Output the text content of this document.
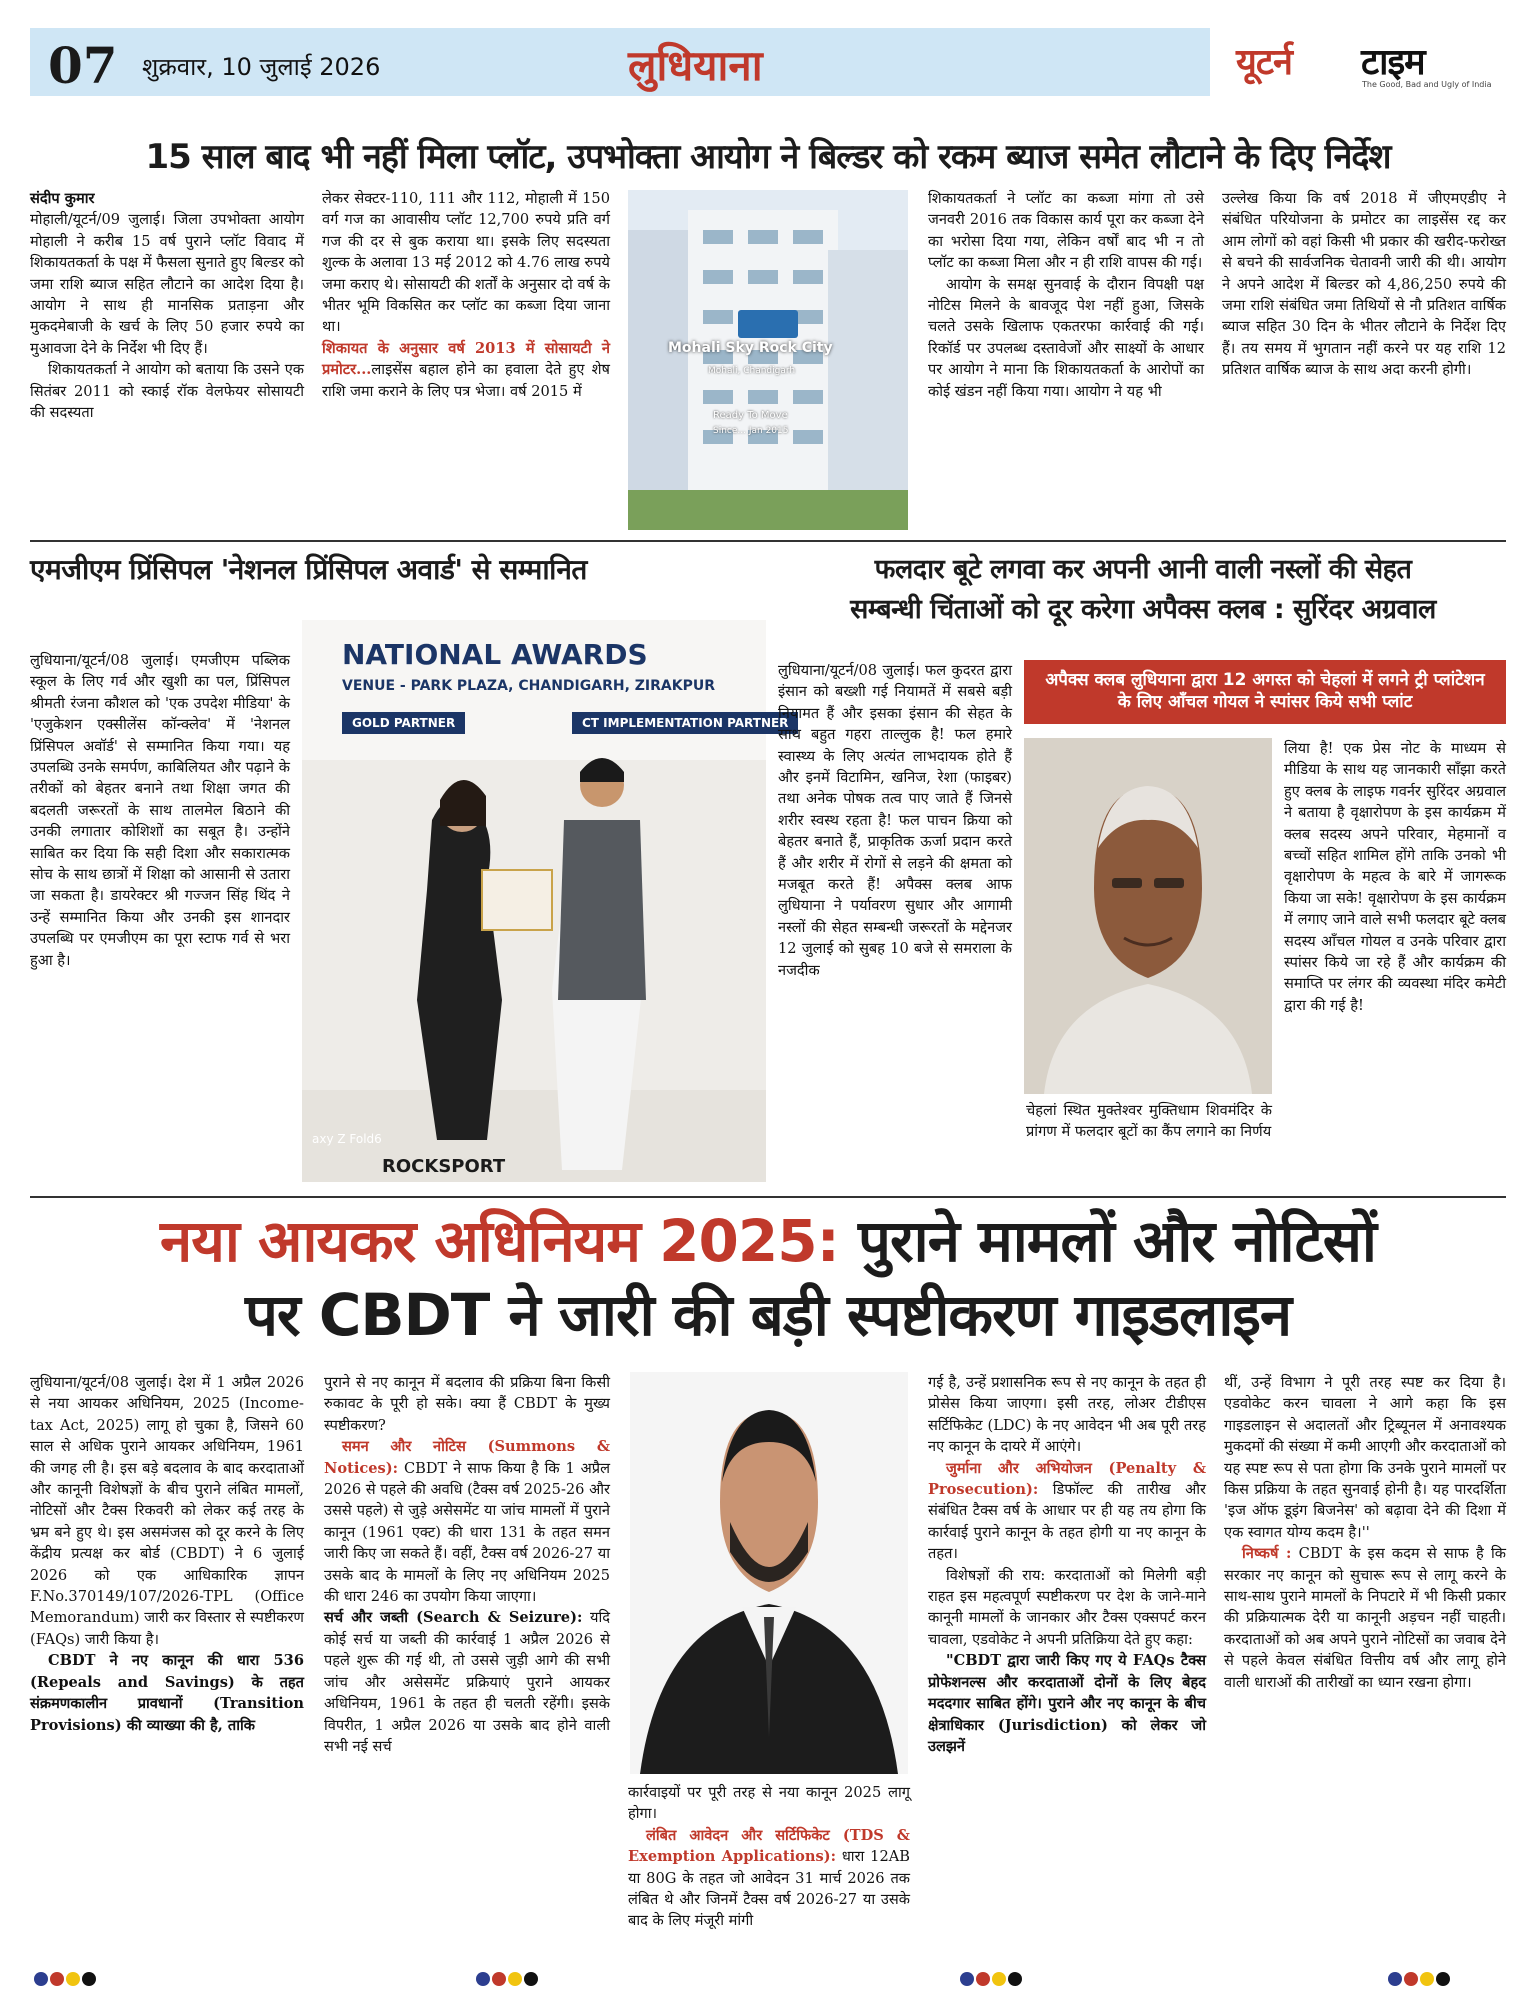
07 शुक्रवार, 10 जुलाई 2026	लुधियाना	यूटर्न टाइम
The Good, Bad and Ugly of India
15 साल बाद भी नहीं मिला प्लॉट, उपभोक्ता आयोग ने बिल्डर को रकम ब्याज समेत लौटाने के दिए निर्देश

संदीप कुमार

मोहाली/यूटर्न/09 जुलाई। जिला उपभोक्ता आयोग मोहाली ने करीब 15 वर्ष पुराने प्लॉट विवाद में शिकायतकर्ता के पक्ष में फैसला सुनाते हुए बिल्डर को जमा राशि ब्याज सहित लौटाने का आदेश दिया है। आयोग ने साथ ही मानसिक प्रताड़ना और मुकदमेबाजी के खर्च के लिए 50 हजार रुपये का मुआवजा देने के निर्देश भी दिए हैं।

शिकायतकर्ता ने आयोग को बताया कि उसने एक सितंबर 2011 को स्काई रॉक वेलफेयर सोसायटी की सदस्यता

लेकर सेक्टर-110, 111 और 112, मोहाली में 150 वर्ग गज का आवासीय प्लॉट 12,700 रुपये प्रति वर्ग गज की दर से बुक कराया था। इसके लिए सदस्यता शुल्क के अलावा 13 मई 2012 को 4.76 लाख रुपये जमा कराए थे। सोसायटी की शर्तों के अनुसार दो वर्ष के भीतर भूमि विकसित कर प्लॉट का कब्जा दिया जाना था।

शिकायत के अनुसार वर्ष 2013 में सोसायटी ने प्रमोटर...लाइसेंस बहाल होने का हवाला देते हुए शेष राशि जमा कराने के लिए पत्र भेजा। वर्ष 2015 में

Mohali Sky Rock City
Mohali, Chandigarh
Ready To Move
Since... Jan 2015

शिकायतकर्ता ने प्लॉट का कब्जा मांगा तो उसे जनवरी 2016 तक विकास कार्य पूरा कर कब्जा देने का भरोसा दिया गया, लेकिन वर्षों बाद भी न तो प्लॉट का कब्जा मिला और न ही राशि वापस की गई।

आयोग के समक्ष सुनवाई के दौरान विपक्षी पक्ष नोटिस मिलने के बावजूद पेश नहीं हुआ, जिसके चलते उसके खिलाफ एकतरफा कार्रवाई की गई। रिकॉर्ड पर उपलब्ध दस्तावेजों और साक्ष्यों के आधार पर आयोग ने माना कि शिकायतकर्ता के आरोपों का कोई खंडन नहीं किया गया। आयोग ने यह भी

उल्लेख किया कि वर्ष 2018 में जीएमएडीए ने संबंधित परियोजना के प्रमोटर का लाइसेंस रद्द कर आम लोगों को वहां किसी भी प्रकार की खरीद-फरोख्त से बचने की सार्वजनिक चेतावनी जारी की थी। आयोग ने अपने आदेश में बिल्डर को 4,86,250 रुपये की जमा राशि संबंधित जमा तिथियों से नौ प्रतिशत वार्षिक ब्याज सहित 30 दिन के भीतर लौटाने के निर्देश दिए हैं। तय समय में भुगतान नहीं करने पर यह राशि 12 प्रतिशत वार्षिक ब्याज के साथ अदा करनी होगी।

एमजीएम प्रिंसिपल 'नेशनल प्रिंसिपल अवार्ड' से सम्मानित

लुधियाना/यूटर्न/08 जुलाई। एमजीएम पब्लिक स्कूल के लिए गर्व और खुशी का पल, प्रिंसिपल श्रीमती रंजना कौशल को 'एक उपदेश मीडिया' के 'एजुकेशन एक्सीलेंस कॉन्क्लेव' में 'नेशनल प्रिंसिपल अवॉर्ड' से सम्मानित किया गया। यह उपलब्धि उनके समर्पण, काबिलियत और पढ़ाने के तरीकों को बेहतर बनाने तथा शिक्षा जगत की बदलती जरूरतों के साथ तालमेल बिठाने की उनकी लगातार कोशिशों का सबूत है। उन्होंने साबित कर दिया कि सही दिशा और सकारात्मक सोच के साथ छात्रों में शिक्षा को आसानी से उतारा जा सकता है। डायरेक्टर श्री गज्जन सिंह थिंद ने उन्हें सम्मानित किया और उनकी इस शानदार उपलब्धि पर एमजीएम का पूरा स्टाफ गर्व से भरा हुआ है।

NATIONAL AWARDS
VENUE - PARK PLAZA, CHANDIGARH, ZIRAKPUR
GOLD PARTNER	CT IMPLEMENTATION PARTNER
axy Z Fold6
ROCKSPORT
फलदार बूटे लगवा कर अपनी आनी वाली नस्लों की सेहत
सम्बन्धी चिंताओं को दूर करेगा अपैक्स क्लब : सुरिंदर अग्रवाल

लुधियाना/यूटर्न/08 जुलाई। फल कुदरत द्वारा इंसान को बख्शी गई नियामतें में सबसे बड़ी नियामत हैं और इसका इंसान की सेहत के साथ बहुत गहरा ताल्लुक है! फल हमारे स्वास्थ्य के लिए अत्यंत लाभदायक होते हैं और इनमें विटामिन, खनिज, रेशा (फाइबर) तथा अनेक पोषक तत्व पाए जाते हैं जिनसे शरीर स्वस्थ रहता है! फल पाचन क्रिया को बेहतर बनाते हैं, प्राकृतिक ऊर्जा प्रदान करते हैं और शरीर में रोगों से लड़ने की क्षमता को मजबूत करते हैं! अपैक्स क्लब आफ लुधियाना ने पर्यावरण सुधार और आगामी नस्लों की सेहत सम्बन्धी जरूरतों के मद्देनजर 12 जुलाई को सुबह 10 बजे से समराला के नजदीक

अपैक्स क्लब लुधियाना द्वारा 12 अगस्त को चेहलां में लगने ट्री प्लांटेशन के लिए आँचल गोयल ने स्पांसर किये सभी प्लांट
चेहलां स्थित मुक्तेश्वर मुक्तिधाम शिवमंदिर के प्रांगण में फलदार बूटों का कैंप लगाने का निर्णय

लिया है! एक प्रेस नोट के माध्यम से मीडिया के साथ यह जानकारी साँझा करते हुए क्लब के लाइफ गवर्नर सुरिंदर अग्रवाल ने बताया है वृक्षारोपण के इस कार्यक्रम में क्लब सदस्य अपने परिवार, मेहमानों व बच्चों सहित शामिल होंगे ताकि उनको भी वृक्षारोपण के महत्व के बारे में जागरूक किया जा सके! वृक्षारोपण के इस कार्यक्रम में लगाए जाने वाले सभी फलदार बूटे क्लब सदस्य आँचल गोयल व उनके परिवार द्वारा स्पांसर किये जा रहे हैं और कार्यक्रम की समाप्ति पर लंगर की व्यवस्था मंदिर कमेटी द्वारा की गई है!

नया आयकर अधिनियम 2025: पुराने मामलों और नोटिसों
पर CBDT ने जारी की बड़ी स्पष्टीकरण गाइडलाइन

लुधियाना/यूटर्न/08 जुलाई। देश में 1 अप्रैल 2026 से नया आयकर अधिनियम, 2025 (Income-tax Act, 2025) लागू हो चुका है, जिसने 60 साल से अधिक पुराने आयकर अधिनियम, 1961 की जगह ली है। इस बड़े बदलाव के बाद करदाताओं और कानूनी विशेषज्ञों के बीच पुराने लंबित मामलों, नोटिसों और टैक्स रिकवरी को लेकर कई तरह के भ्रम बने हुए थे। इस असमंजस को दूर करने के लिए केंद्रीय प्रत्यक्ष कर बोर्ड (CBDT) ने 6 जुलाई 2026 को एक आधिकारिक ज्ञापन F.No.370149/107/2026-TPL (Office Memorandum) जारी कर विस्तार से स्पष्टीकरण (FAQs) जारी किया है।

CBDT ने नए कानून की धारा 536 (Repeals and Savings) के तहत संक्रमणकालीन प्रावधानों (Transition Provisions) की व्याख्या की है, ताकि

पुराने से नए कानून में बदलाव की प्रक्रिया बिना किसी रुकावट के पूरी हो सके। क्या हैं CBDT के मुख्य स्पष्टीकरण?

समन और नोटिस (Summons & Notices): CBDT ने साफ किया है कि 1 अप्रैल 2026 से पहले की अवधि (टैक्स वर्ष 2025-26 और उससे पहले) से जुड़े असेसमेंट या जांच मामलों में पुराने कानून (1961 एक्ट) की धारा 131 के तहत समन जारी किए जा सकते हैं। वहीं, टैक्स वर्ष 2026-27 या उसके बाद के मामलों के लिए नए अधिनियम 2025 की धारा 246 का उपयोग किया जाएगा।

सर्च और जब्ती (Search & Seizure): यदि कोई सर्च या जब्ती की कार्रवाई 1 अप्रैल 2026 से पहले शुरू की गई थी, तो उससे जुड़ी आगे की सभी जांच और असेसमेंट प्रक्रियाएं पुराने आयकर अधिनियम, 1961 के तहत ही चलती रहेंगी। इसके विपरीत, 1 अप्रैल 2026 या उसके बाद होने वाली सभी नई सर्च

कार्रवाइयों पर पूरी तरह से नया कानून 2025 लागू होगा।

लंबित आवेदन और सर्टिफिकेट (TDS & Exemption Applications): धारा 12AB या 80G के तहत जो आवेदन 31 मार्च 2026 तक लंबित थे और जिनमें टैक्स वर्ष 2026-27 या उसके बाद के लिए मंजूरी मांगी

गई है, उन्हें प्रशासनिक रूप से नए कानून के तहत ही प्रोसेस किया जाएगा। इसी तरह, लोअर टीडीएस सर्टिफिकेट (LDC) के नए आवेदन भी अब पूरी तरह नए कानून के दायरे में आएंगे।

जुर्माना और अभियोजन (Penalty & Prosecution): डिफॉल्ट की तारीख और संबंधित टैक्स वर्ष के आधार पर ही यह तय होगा कि कार्रवाई पुराने कानून के तहत होगी या नए कानून के तहत।

विशेषज्ञों की राय: करदाताओं को मिलेगी बड़ी राहत इस महत्वपूर्ण स्पष्टीकरण पर देश के जाने-माने कानूनी मामलों के जानकार और टैक्स एक्सपर्ट करन चावला, एडवोकेट ने अपनी प्रतिक्रिया देते हुए कहा:

"CBDT द्वारा जारी किए गए ये FAQs टैक्स प्रोफेशनल्स और करदाताओं दोनों के लिए बेहद मददगार साबित होंगे। पुराने और नए कानून के बीच क्षेत्राधिकार (Jurisdiction) को लेकर जो उलझनें

थीं, उन्हें विभाग ने पूरी तरह स्पष्ट कर दिया है। एडवोकेट करन चावला ने आगे कहा कि इस गाइडलाइन से अदालतों और ट्रिब्यूनल में अनावश्यक मुकदमों की संख्या में कमी आएगी और करदाताओं को यह स्पष्ट रूप से पता होगा कि उनके पुराने मामलों पर किस प्रक्रिया के तहत सुनवाई होनी है। यह पारदर्शिता 'इज ऑफ डूइंग बिजनेस' को बढ़ावा देने की दिशा में एक स्वागत योग्य कदम है।''

निष्कर्ष : CBDT के इस कदम से साफ है कि सरकार नए कानून को सुचारू रूप से लागू करने के साथ-साथ पुराने मामलों के निपटारे में भी किसी प्रकार की प्रक्रियात्मक देरी या कानूनी अड़चन नहीं चाहती। करदाताओं को अब अपने पुराने नोटिसों का जवाब देने से पहले केवल संबंधित वित्तीय वर्ष और लागू होने वाली धाराओं की तारीखों का ध्यान रखना होगा।
